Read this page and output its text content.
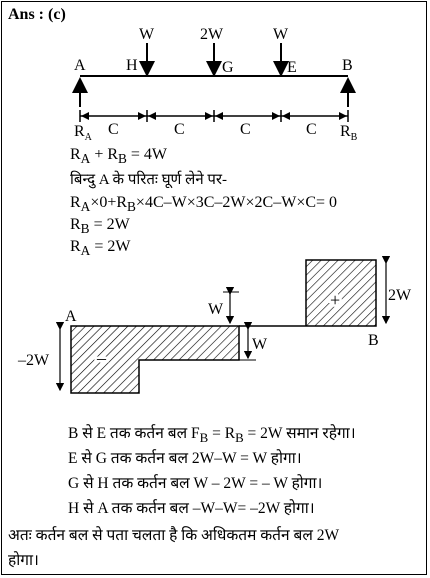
Ans : (c)
A	H	G	E	B
W	2W	W
C	C	C	C
$R_A$	$R_B$
$R_A + R_B = 4W$
बिन्दु A के परितः घूर्ण लेने पर-
$R_A\times 0+R_B\times 4C-W\times 3C-2W\times 2C-W\times C= 0$
$R_B = 2W$
$R_A = 2W$
+
–
A
B
2W
–2W
W
W
B से E तक कर्तन बल $F_B = R_B = 2W$ समान रहेगा।
E से G तक कर्तन बल 2W–W = W होगा।
G से H तक कर्तन बल W – 2W = – W होगा।
H से A तक कर्तन बल –W–W= –2W होगा।
अतः कर्तन बल से पता चलता है कि अधिकतम कर्तन बल 2W
होगा।
